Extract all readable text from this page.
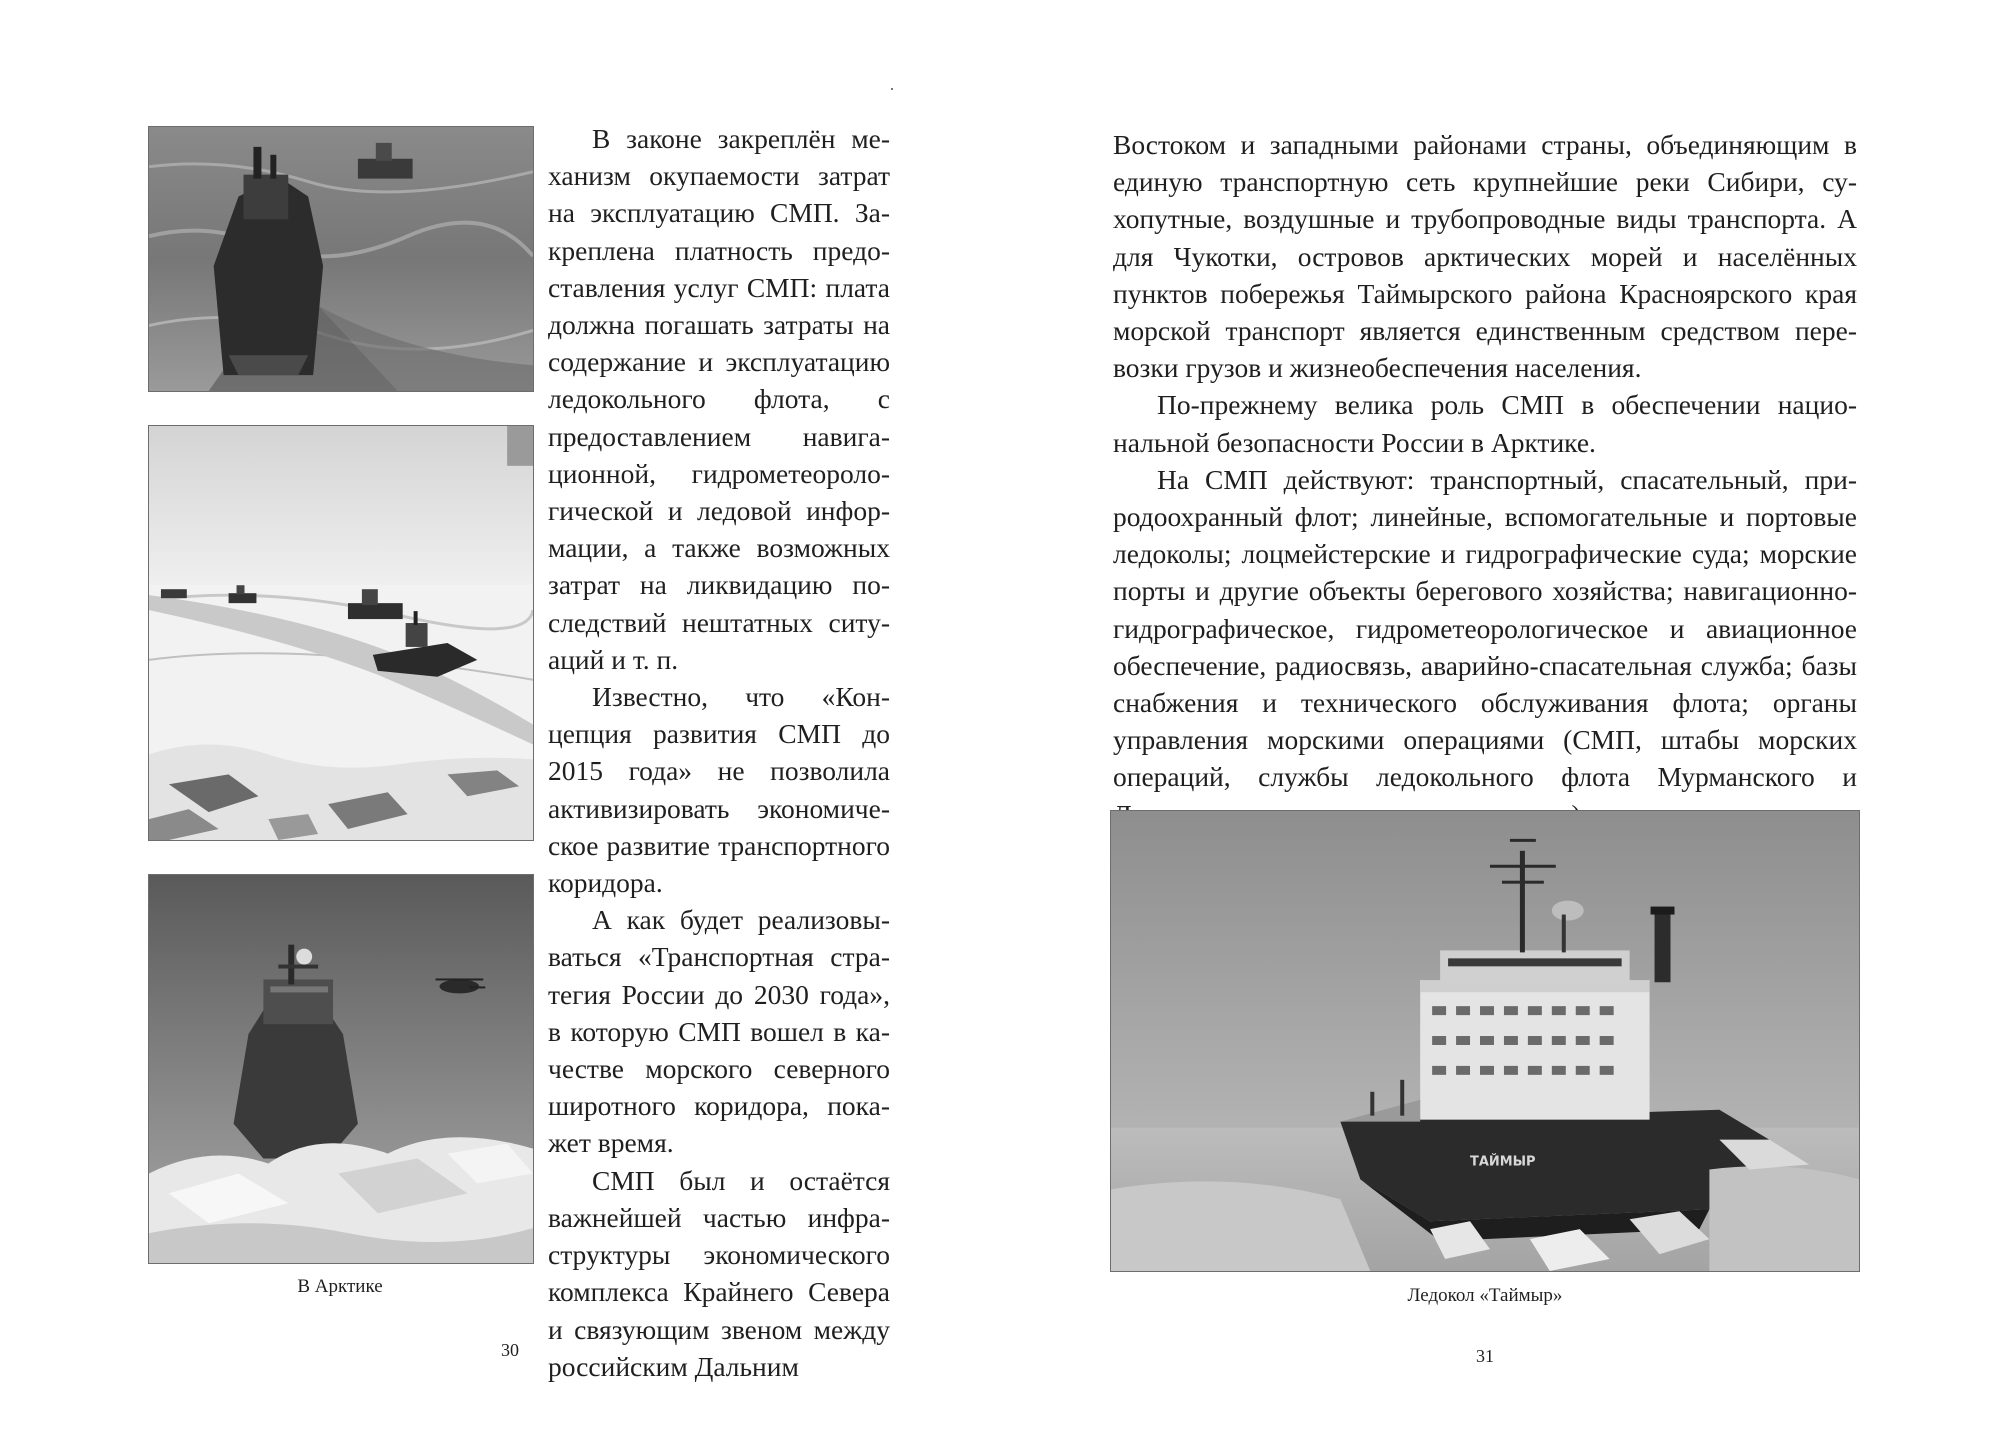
В Арктике

В законе закреплён механизм окупаемости затрат на эксплуатацию СМП. Закреплена платность предоставления услуг СМП: плата должна погашать затраты на содержание и эксплуатацию ледокольного флота, с предоставлением навигационной, гидрометеорологической и ледовой информации, а также возможных затрат на ликвидацию последствий нештатных ситуаций и т. п.

Известно, что «Концепция развития СМП до 2015 года» не позволила активизировать экономическое развитие транспортного коридора.

А как будет реализовываться «Транспортная стратегия России до 2030 года», в которую СМП вошел в качестве морского северного широтного коридора, покажет время.

СМП был и остаётся важнейшей частью инфраструктуры экономического комплекса Крайнего Севера и связующим звеном между российским Дальним

30

Востоком и западными районами страны, объединяющим в единую транспортную сеть крупнейшие реки Сибири, сухопутные, воздушные и трубопроводные виды транспорта. А для Чукотки, островов арктических морей и населённых пунктов побережья Таймырского района Красноярского края морской транспорт является единственным средством перевозки грузов и жизнеобеспечения населения.

По-прежнему велика роль СМП в обеспечении национальной безопасности России в Арктике.

На СМП действуют: транспортный, спасательный, природоохранный флот; линейные, вспомогательные и портовые ледоколы; лоцмейстерские и гидрографические суда; морские порты и другие объекты берегового хозяйства; навигационно-гидрографическое, гидрометеорологическое и авиационное обеспечение, радиосвязь, аварийно-спасательная служба; базы снабжения и технического обслуживания флота; органы управления морскими операциями (СМП, штабы морских операций, службы ледокольного флота Мурманского и

ТАЙМЫР
Ледокол «Таймыр»
31
